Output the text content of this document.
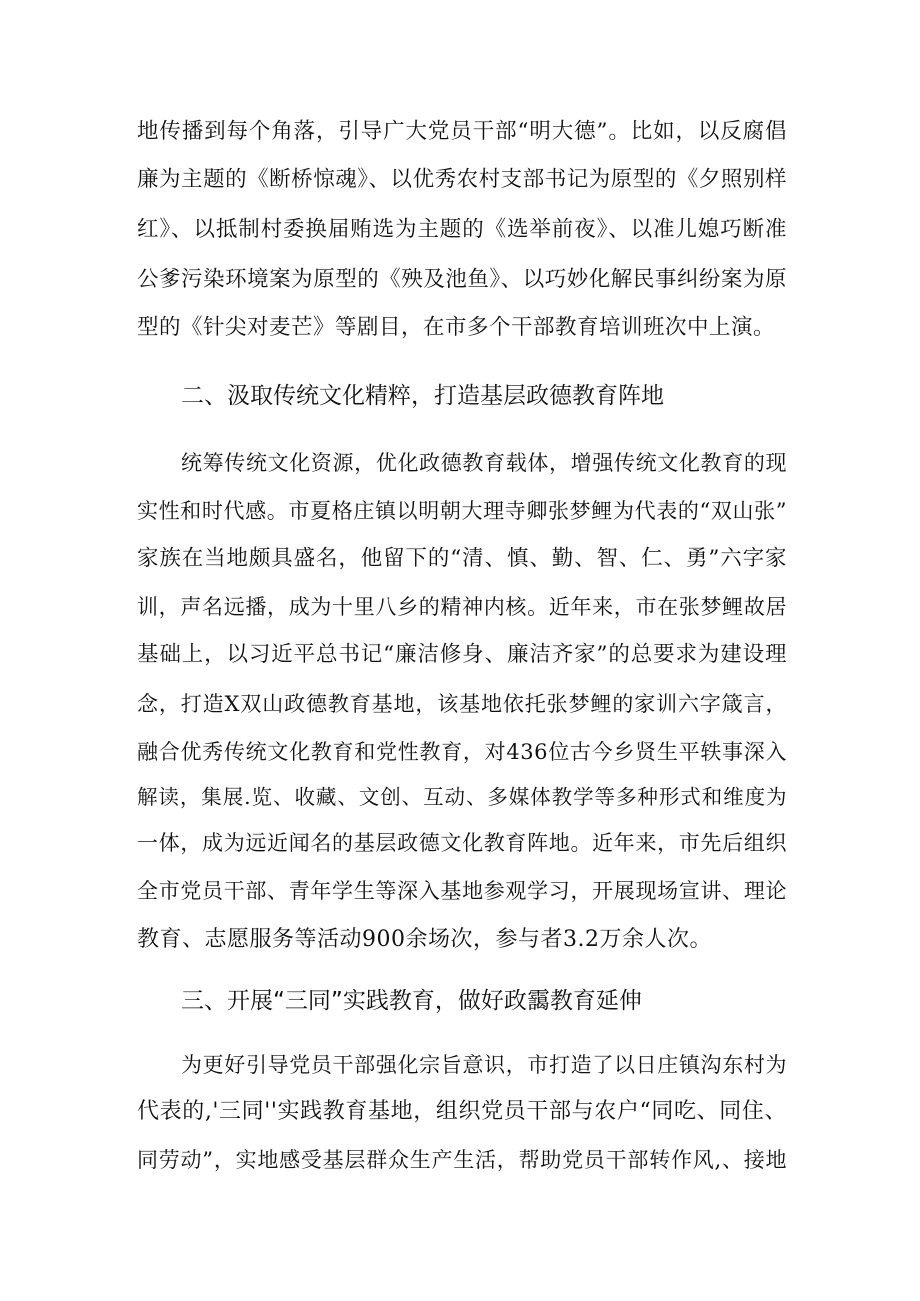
地传播到每个角落，引导广大党员干部“明大德”。比如，以反腐倡
廉为主题的《断桥惊魂》、以优秀农村支部书记为原型的《夕照别样
红》、以抵制村委换届贿选为主题的《选举前夜》、以准儿媳巧断准
公爹污染环境案为原型的《殃及池鱼》、以巧妙化解民事纠纷案为原
型的《针尖对麦芒》等剧目，在市多个干部教育培训班次中上演。
二、汲取传统文化精粹，打造基层政德教育阵地
统筹传统文化资源，优化政德教育载体，增强传统文化教育的现
实性和时代感。市夏格庄镇以明朝大理寺卿张梦鲤为代表的“双山张”
家族在当地颇具盛名，他留下的“清、慎、勤、智、仁、勇”六字家
训，声名远播，成为十里八乡的精神内核。近年来，市在张梦鲤故居
基础上，以习近平总书记“廉洁修身、廉洁齐家”的总要求为建设理
念，打造X双山政德教育基地，该基地依托张梦鲤的家训六字箴言，
融合优秀传统文化教育和党性教育，对436位古今乡贤生平轶事深入
解读，集展.览、收藏、文创、互动、多媒体教学等多种形式和维度为
一体，成为远近闻名的基层政德文化教育阵地。近年来，市先后组织
全市党员干部、青年学生等深入基地参观学习，开展现场宣讲、理论
教育、志愿服务等活动900余场次，参与者3.2万余人次。
三、开展“三同”实践教育，做好政靄教育延伸
为更好引导党员干部强化宗旨意识，市打造了以日庄镇沟东村为
代表的,'三同''实践教育基地，组织党员干部与农户“同吃、同住、
同劳动”，实地感受基层群众生产生活，帮助党员干部转作风,、接地
